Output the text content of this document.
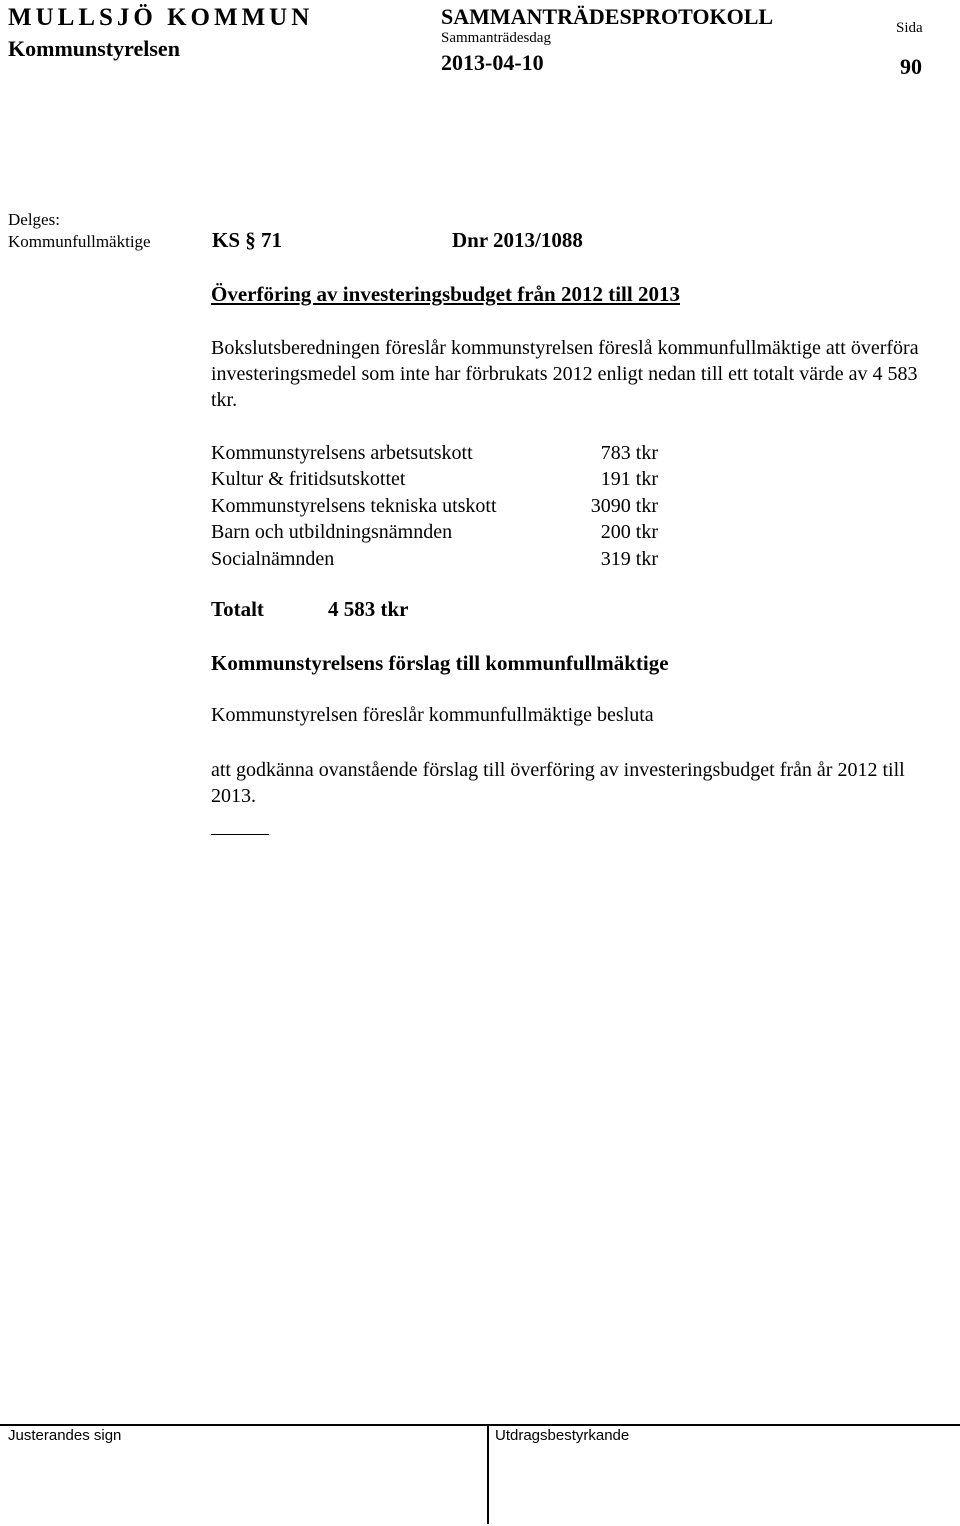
MULLSJÖ KOMMUN
Kommunstyrelsen
SAMMANTRÄDESPROTOKOLL
Sammanträdesdag
2013-04-10
Sida
90
Delges:
Kommunfullmäktige	KS § 71	Dnr 2013/1088
Överföring av investeringsbudget från 2012 till 2013
Bokslutsberedningen föreslår kommunstyrelsen föreslå kommunfullmäktige att överföra investeringsmedel som inte har förbrukats 2012 enligt nedan till ett totalt värde av 4 583 tkr.
Kommunstyrelsens arbetsutskott	783 tkr
Kultur & fritidsutskottet	191 tkr
Kommunstyrelsens tekniska utskott	3090 tkr
Barn och utbildningsnämnden	200 tkr
Socialnämnden	319 tkr
Totalt	4 583 tkr
Kommunstyrelsens förslag till kommunfullmäktige
Kommunstyrelsen föreslår kommunfullmäktige besluta
att godkänna ovanstående förslag till överföring av investeringsbudget från år 2012 till 2013.
Justerandes sign	Utdragsbestyrkande
